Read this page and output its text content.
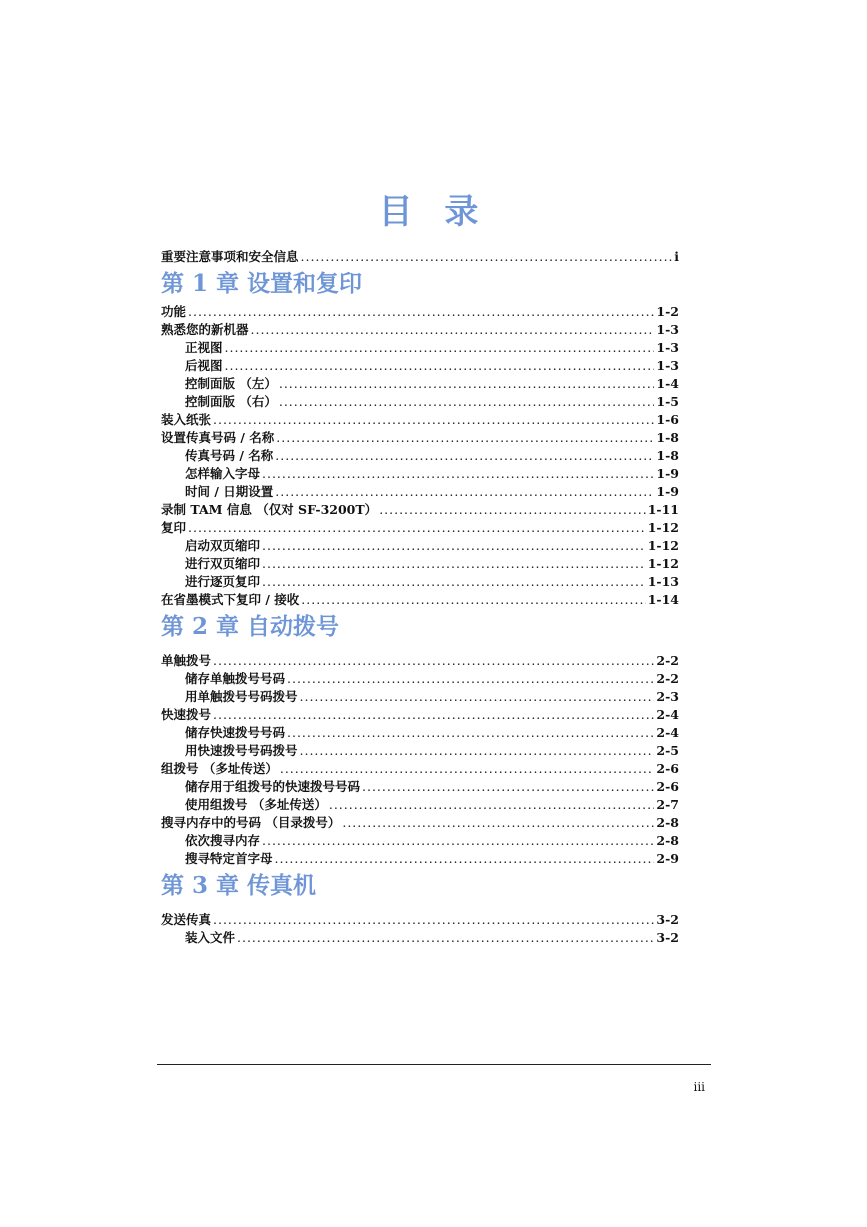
目 录
重要注意事项和安全信息 .....	i
第 1 章 设置和复印
功能 .....	1-2
熟悉您的新机器 .....	1-3
正视图 .....	1-3
后视图 .....	1-3
控制面版 （左） .....	1-4
控制面版 （右） .....	1-5
装入纸张 .....	1-6
设置传真号码 / 名称 .....	1-8
传真号码 / 名称 .....	1-8
怎样输入字母 .....	1-9
时间 / 日期设置 .....	1-9
录制 TAM 信息 （仅对 SF-3200T） .....	1-11
复印 .....	1-12
启动双页缩印 .....	1-12
进行双页缩印 .....	1-12
进行逐页复印 .....	1-13
在省墨模式下复印 / 接收 .....	1-14
第 2 章 自动拨号
单触拨号 .....	2-2
储存单触拨号号码 .....	2-2
用单触拨号号码拨号 .....	2-3
快速拨号 .....	2-4
储存快速拨号号码 .....	2-4
用快速拨号号码拨号 .....	2-5
组拨号 （多址传送） .....	2-6
储存用于组拨号的快速拨号号码 .....	2-6
使用组拨号 （多址传送） .....	2-7
搜寻内存中的号码 （目录拨号） .....	2-8
依次搜寻内存 .....	2-8
搜寻特定首字母 .....	2-9
第 3 章 传真机
发送传真 .....	3-2
装入文件 .....	3-2
iii
